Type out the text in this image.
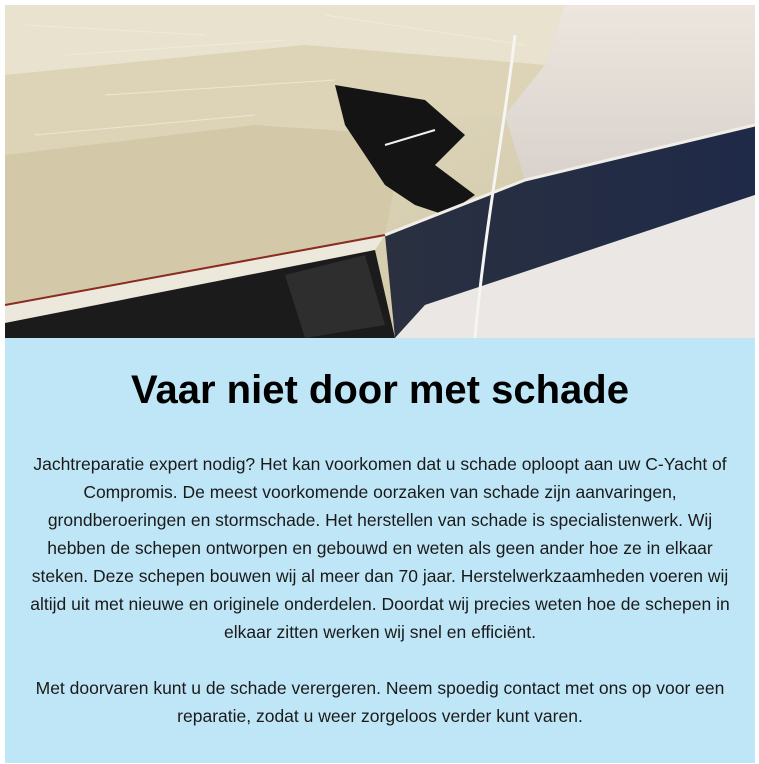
Vaar niet door met schade

Jachtreparatie expert nodig? Het kan voorkomen dat u schade oploopt aan uw C-Yacht of Compromis. De meest voorkomende oorzaken van schade zijn aanvaringen, grondberoeringen en stormschade. Het herstellen van schade is specialistenwerk. Wij hebben de schepen ontworpen en gebouwd en weten als geen ander hoe ze in elkaar steken. Deze schepen bouwen wij al meer dan 70 jaar. Herstelwerkzaamheden voeren wij altijd uit met nieuwe en originele onderdelen. Doordat wij precies weten hoe de schepen in elkaar zitten werken wij snel en efficiënt.

Met doorvaren kunt u de schade verergeren. Neem spoedig contact met ons op voor een reparatie, zodat u weer zorgeloos verder kunt varen.
